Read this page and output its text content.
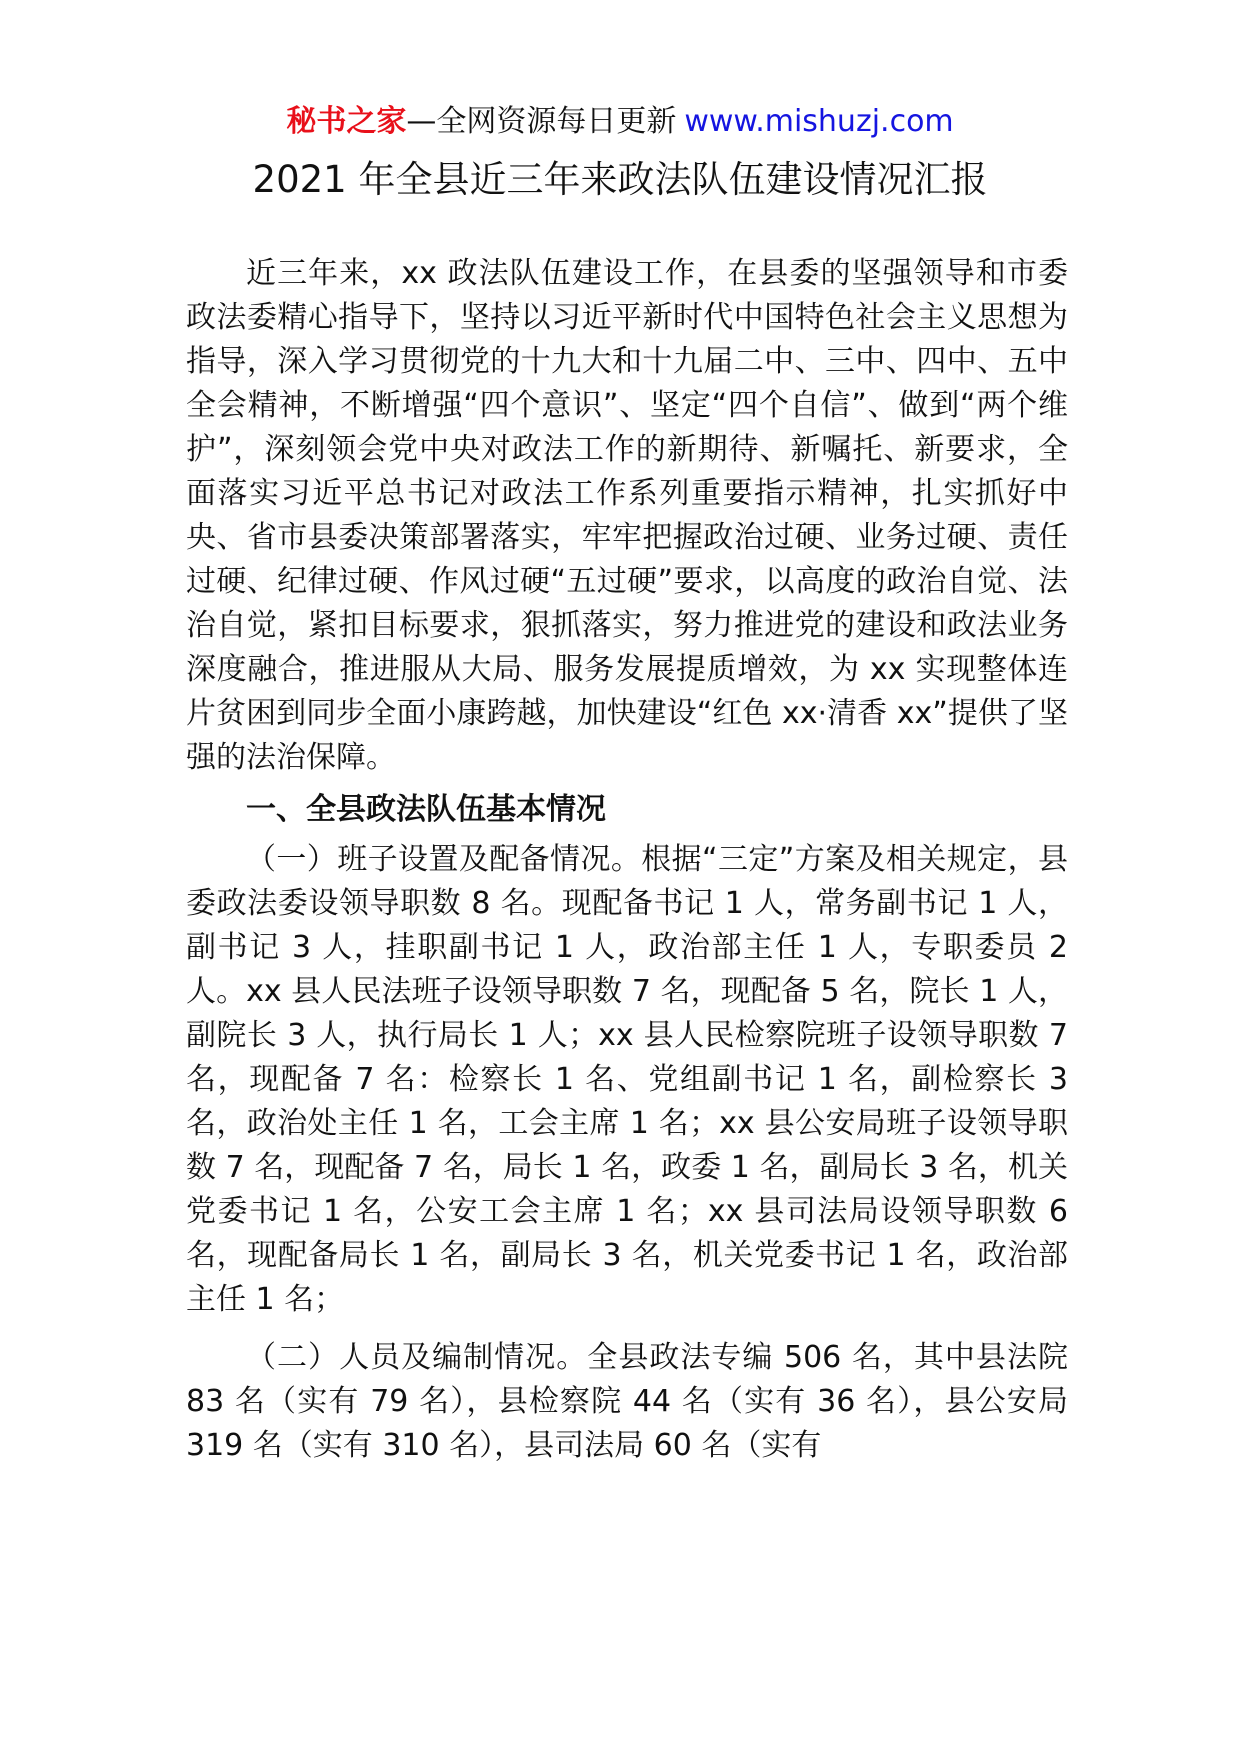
秘书之家—全网资源每日更新 www.mishuzj.com
2021 年全县近三年来政法队伍建设情况汇报

近三年来，xx 政法队伍建设工作，在县委的坚强领导和市委政法委精心指导下，坚持以习近平新时代中国特色社会主义思想为指导，深入学习贯彻党的十九大和十九届二中、三中、四中、五中全会精神，不断增强“四个意识”、坚定“四个自信”、做到“两个维护”，深刻领会党中央对政法工作的新期待、新嘱托、新要求，全面落实习近平总书记对政法工作系列重要指示精神，扎实抓好中央、省市县委决策部署落实，牢牢把握政治过硬、业务过硬、责任过硬、纪律过硬、作风过硬“五过硬”要求，以高度的政治自觉、法治自觉，紧扣目标要求，狠抓落实，努力推进党的建设和政法业务深度融合，推进服从大局、服务发展提质增效，为 xx 实现整体连片贫困到同步全面小康跨越，加快建设“红色 xx·清香 xx”提供了坚强的法治保障。

一、全县政法队伍基本情况

（一）班子设置及配备情况。根据“三定”方案及相关规定，县委政法委设领导职数 8 名。现配备书记 1 人，常务副书记 1 人，副书记 3 人，挂职副书记 1 人，政治部主任 1 人，专职委员 2 人。xx 县人民法班子设领导职数 7 名，现配备 5 名，院长 1 人，副院长 3 人，执行局长 1 人；xx 县人民检察院班子设领导职数 7 名，现配备 7 名：检察长 1 名、党组副书记 1 名，副检察长 3 名，政治处主任 1 名，工会主席 1 名；xx 县公安局班子设领导职数 7 名，现配备 7 名，局长 1 名，政委 1 名，副局长 3 名，机关党委书记 1 名，公安工会主席 1 名；xx 县司法局设领导职数 6 名，现配备局长 1 名，副局长 3 名，机关党委书记 1 名，政治部主任 1 名；

（二）人员及编制情况。全县政法专编 506 名，其中县法院 83 名（实有 79 名），县检察院 44 名（实有 36 名），县公安局 319 名（实有 310 名），县司法局 60 名（实有
